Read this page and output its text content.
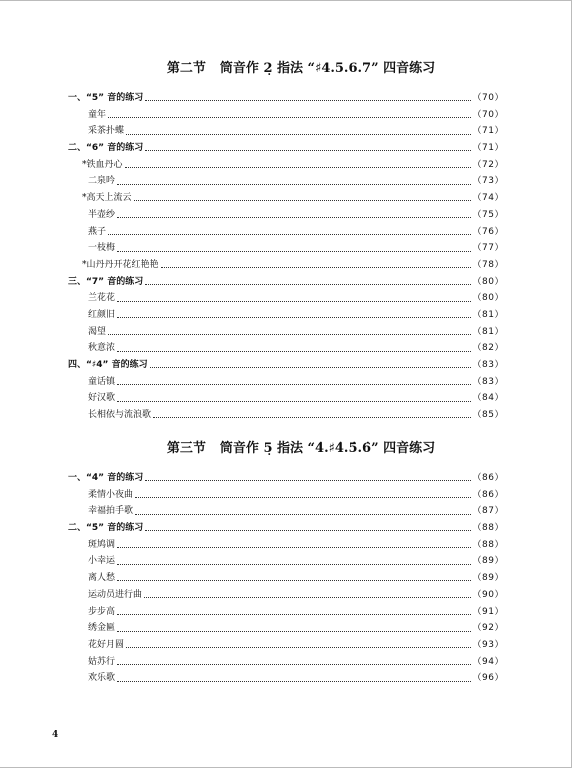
第二节 筒音作 2̣ 指法 “♯4.5.6.7” 四音练习
一、“5” 音的练习	（70）
童年	（70）
采茶扑蝶	（71）
二、“6” 音的练习	（71）
*铁血丹心	（72）
二泉吟	（73）
*高天上流云	（74）
半壶纱	（75）
燕子	（76）
一枝梅	（77）
*山丹丹开花红艳艳	（78）
三、“7” 音的练习	（80）
兰花花	（80）
红颜旧	（81）
渴望	（81）
秋意浓	（82）
四、“♯4” 音的练习	（83）
童话镇	（83）
好汉歌	（84）
长相依与流浪歌	（85）
第三节 筒音作 5̣ 指法 “4̇.♯4̇.5̇.6̇” 四音练习
一、“4̇” 音的练习	（86）
柔情小夜曲	（86）
幸福拍手歌	（87）
二、“5̇” 音的练习	（88）
斑鸠调	（88）
小幸运	（89）
离人愁	（89）
运动员进行曲	（90）
步步高	（91）
绣金匾	（92）
花好月圆	（93）
姑苏行	（94）
欢乐歌	（96）
4
